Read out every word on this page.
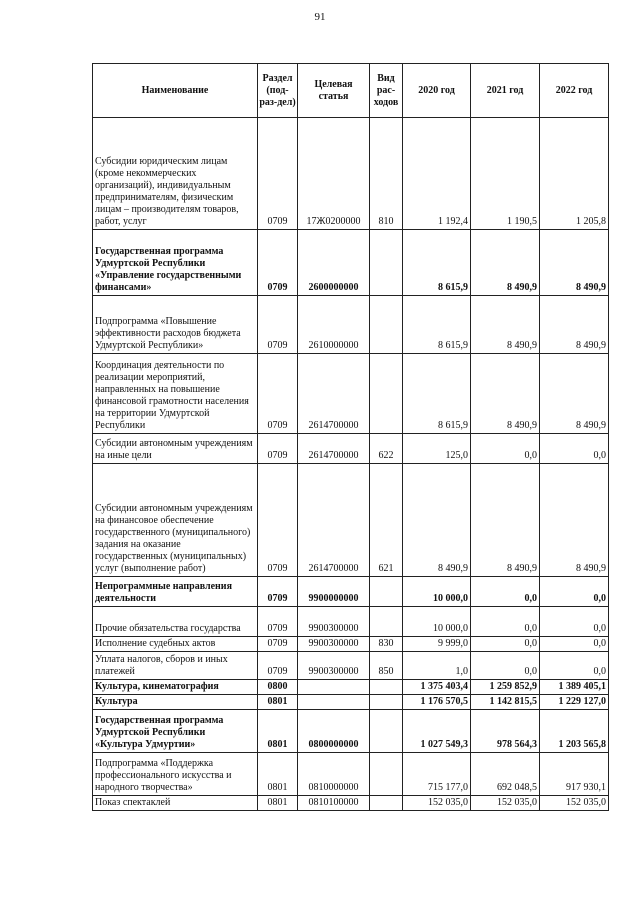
91
Наименование	Раздел (под-раз-дел)	Целевая статья	Вид рас-ходов	2020 год	2021 год	2022 год
Субсидии юридическим лицам (кроме некоммерческих организаций), индивидуальным предпринимателям, физическим лицам – производителям товаров, работ, услуг	0709	17Ж0200000	810	1 192,4	1 190,5	1 205,8
Государственная программа Удмуртской Республики «Управление государственными финансами»	0709	2600000000		8 615,9	8 490,9	8 490,9
Подпрограмма «Повышение эффективности расходов бюджета Удмуртской Республики»	0709	2610000000		8 615,9	8 490,9	8 490,9
Координация деятельности по реализации мероприятий, направленных на повышение финансовой грамотности населения на территории Удмуртской Республики	0709	2614700000		8 615,9	8 490,9	8 490,9
Субсидии автономным учреждениям на иные цели	0709	2614700000	622	125,0	0,0	0,0
Субсидии автономным учреждениям на финансовое обеспечение государственного (муниципального) задания на оказание государственных (муниципальных) услуг (выполнение работ)	0709	2614700000	621	8 490,9	8 490,9	8 490,9
Непрограммные направления деятельности	0709	9900000000		10 000,0	0,0	0,0
Прочие обязательства государства	0709	9900300000		10 000,0	0,0	0,0
Исполнение судебных актов	0709	9900300000	830	9 999,0	0,0	0,0
Уплата налогов, сборов и иных платежей	0709	9900300000	850	1,0	0,0	0,0
Культура, кинематография	0800			1 375 403,4	1 259 852,9	1 389 405,1
Культура	0801			1 176 570,5	1 142 815,5	1 229 127,0
Государственная программа Удмуртской Республики «Культура Удмуртии»	0801	0800000000		1 027 549,3	978 564,3	1 203 565,8
Подпрограмма «Поддержка профессионального искусства и народного творчества»	0801	0810000000		715 177,0	692 048,5	917 930,1
Показ спектаклей	0801	0810100000		152 035,0	152 035,0	152 035,0
